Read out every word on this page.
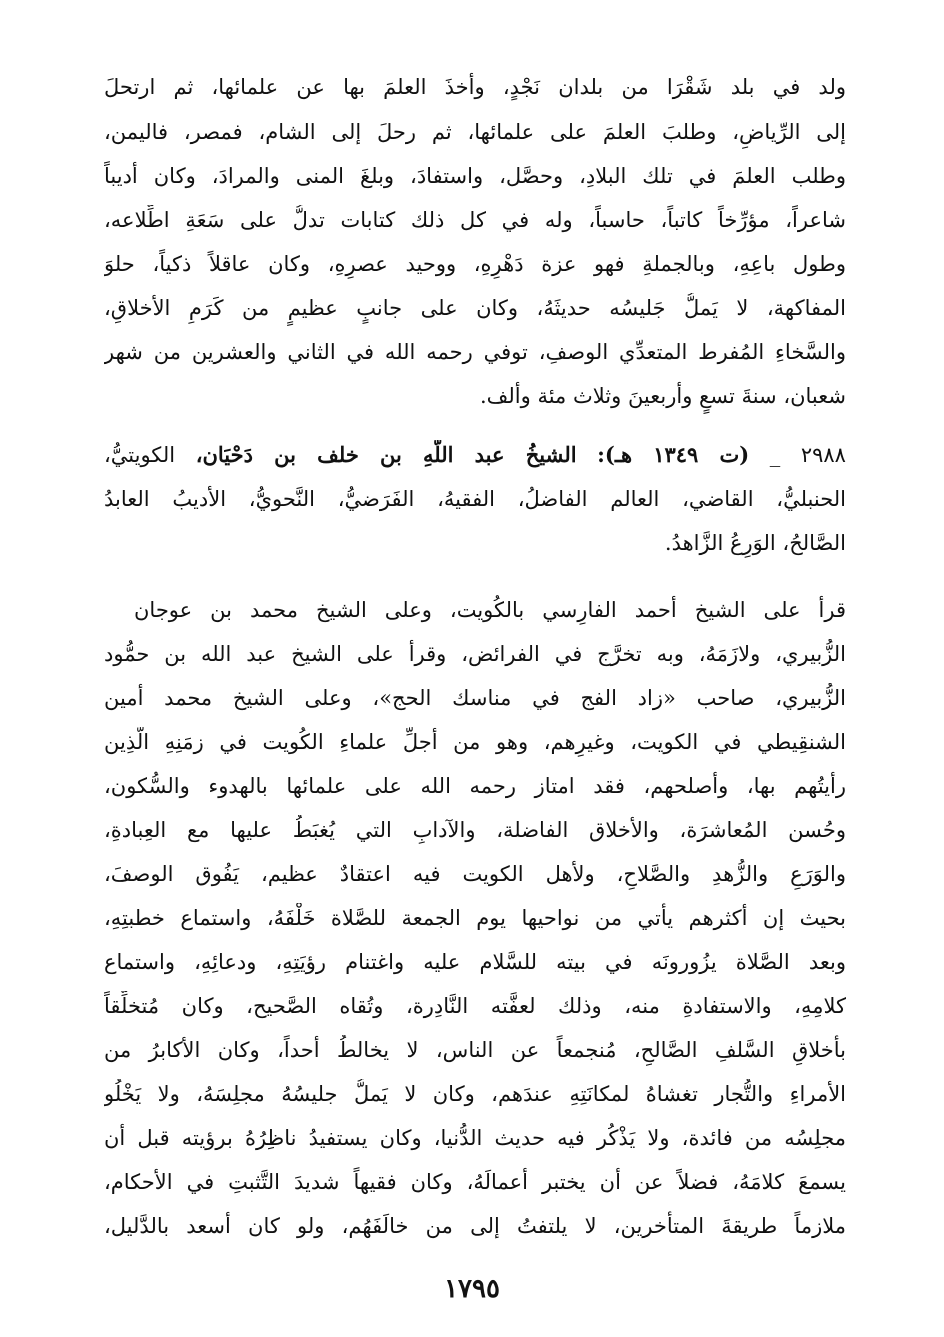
ولد في بلد شَقْرَا من بلدان نَجْدٍ، وأخذَ العلمَ بها عن علمائها، ثم ارتحلَ
إلى الرِّياضِ، وطلبَ العلمَ على علمائها، ثم رحلَ إلى الشام، فمصر، فاليمن،
وطلب العلمَ في تلك البلادِ، وحصَّل، واستفادَ، وبلغَ المنى والمرادَ، وكان أديباً
شاعراً، مؤرِّخاً كاتباً، حاسباً، وله في كل ذلك كتابات تدلُّ على سَعَةِ اطِّلاعه،
وطول باعِهِ، وبالجملةِ فهو عزة دَهْرِهِ، ووحيد عصرِهِ، وكان عاقلاً ذكياً، حلوَ
المفاكهة، لا يَملُّ جَليسُه حديثَهُ، وكان على جانبٍ عظيمٍ من كَرَمِ الأخلاقِ،
والسَّخاءِ المُفرط المتعدِّي الوصفِ، توفي رحمه الله في الثاني والعشرين من شهر
شعبان، سنةَ تسعٍ وأربعينَ وثلاث مئة وألف.
٢٩٨٨ _ (ت ١٣٤٩ هـ): الشيخُ عبد اللَّهِ بن خلف بن دَحْيَان، الكويتيُّ،
الحنبليُّ، القاضي، العالم الفاضلُ، الفقيهُ، الفَرَضيُّ، النَّحويُّ، الأديبُ العابدُ
الصَّالحُ، الوَرِعُ الزَّاهدُ.
قرأ على الشيخ أحمد الفارِسي بالكُويت، وعلى الشيخ محمد بن عوجان
الزُّبيري، ولازَمَهُ، وبه تخرَّج في الفرائض، وقرأ على الشيخ عبد الله بن حمُّود
الزُّبيري، صاحب «زاد الفج في مناسك الحج»، وعلى الشيخ محمد أمين
الشنقِيطي في الكويت، وغيرِهم، وهو من أجلِّ علماءِ الكُويت في زمَنِهِ الَّذِين
رأيتُهم بها، وأصلحهم، فقد امتاز رحمه الله على علمائها بالهدوء والسُّكون،
وحُسن المُعاشرَة، والأخلاق الفاضلة، والآدابِ التي يُغبَطُ عليها مع العِبادةِ،
والوَرَعِ والزُّهدِ والصَّلاحِ، ولأهل الكويت فيه اعتقادٌ عظيم، يَفُوق الوصفَ،
بحيث إن أكثرهم يأتي من نواحيها يوم الجمعة للصَّلاة خَلْفَهُ، واستماع خطبتِهِ،
وبعد الصَّلاة يزُورونَه في بيته للسَّلام عليه واغتنام رؤيَتِهِ، ودعائِهِ، واستماع
كلامِهِ، والاستفادةِ منه، وذلك لعفَّته النَّادِرة، وتُقاه الصَّحيح، وكان مُتخلِّقاً
بأخلاقِ السَّلفِ الصَّالحِ، مُنجمعاً عن الناس، لا يخالطُ أحداً، وكان الأكابرُ من
الأمراءِ والتُّجار تغشاهُ لمكانَتِهِ عندَهم، وكان لا يَملُّ جليسُهُ مجلِسَهُ، ولا يَخْلُو
مجلِسُه من فائدة، ولا يَذْكُر فيه حديث الدُّنيا، وكان يستفيدُ ناظِرُهُ برؤيته قبل أن
يسمعَ كلامَهُ، فضلاً عن أن يختبر أعمالَهُ، وكان فقيهاً شديدَ التَّثبتِ في الأحكام،
ملازماً طريقةَ المتأخرين، لا يلتفتُ إلى من خالَفَهُم، ولو كان أسعد بالدَّليل،
١٧٩٥
